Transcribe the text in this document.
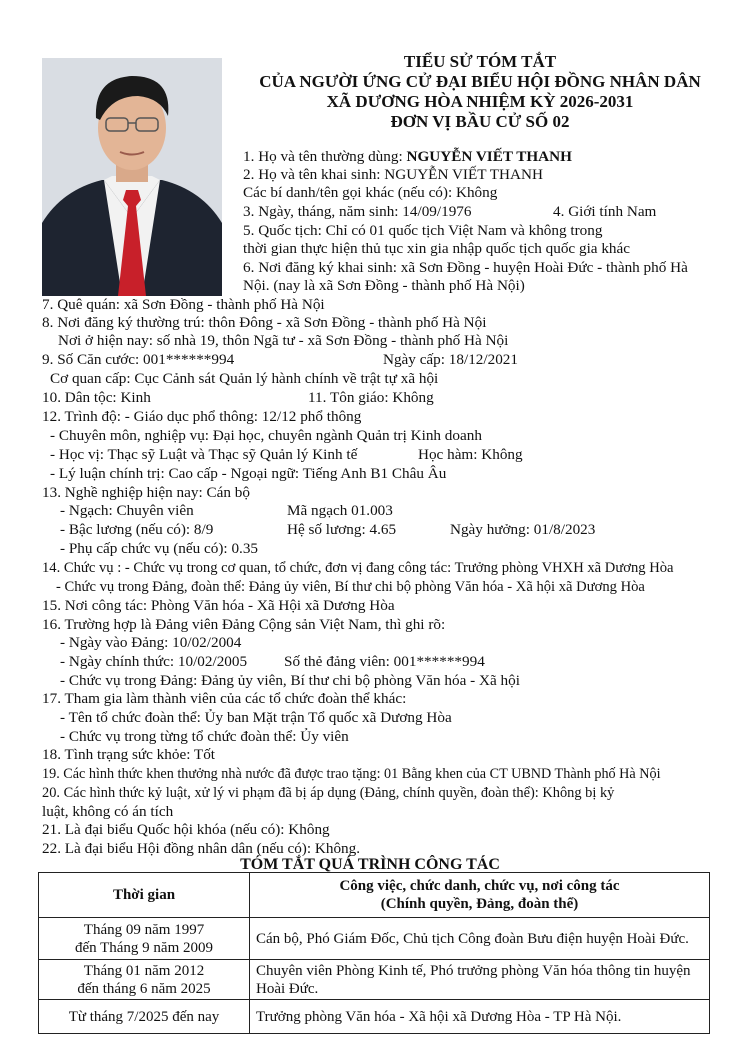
TIỂU SỬ TÓM TẮT
CỦA NGƯỜI ỨNG CỬ ĐẠI BIỂU HỘI ĐỒNG NHÂN DÂN
XÃ DƯƠNG HÒA NHIỆM KỲ 2026-2031
ĐƠN VỊ BẦU CỬ SỐ 02
1. Họ và tên thường dùng: NGUYỄN VIẾT THANH
2. Họ và tên khai sinh: NGUYỄN VIẾT THANH
Các bí danh/tên gọi khác (nếu có): Không
3. Ngày, tháng, năm sinh: 14/09/1976	4. Giới tính Nam
5. Quốc tịch: Chỉ có 01 quốc tịch Việt Nam và không trong
thời gian thực hiện thủ tục xin gia nhập quốc tịch quốc gia khác
6. Nơi đăng ký khai sinh: xã Sơn Đồng - huyện Hoài Đức - thành phố Hà
Nội. (nay là xã Sơn Đồng - thành phố Hà Nội)
7. Quê quán: xã Sơn Đồng - thành phố Hà Nội
8. Nơi đăng ký thường trú: thôn Đông - xã Sơn Đồng - thành phố Hà Nội
Nơi ở hiện nay: số nhà 19, thôn Ngã tư - xã Sơn Đồng - thành phố Hà Nội
9. Số Căn cước: 001******994	Ngày cấp: 18/12/2021
Cơ quan cấp: Cục Cảnh sát Quản lý hành chính về trật tự xã hội
10. Dân tộc: Kinh	11. Tôn giáo: Không
12. Trình độ: - Giáo dục phổ thông: 12/12 phổ thông
- Chuyên môn, nghiệp vụ: Đại học, chuyên ngành Quản trị Kinh doanh
- Học vị: Thạc sỹ Luật và Thạc sỹ Quản lý Kinh tế	Học hàm: Không
- Lý luận chính trị: Cao cấp - Ngoại ngữ: Tiếng Anh B1 Châu Âu
13. Nghề nghiệp hiện nay: Cán bộ
- Ngạch: Chuyên viên	Mã ngạch 01.003
- Bậc lương (nếu có): 8/9	Hệ số lương: 4.65	Ngày hưởng: 01/8/2023
- Phụ cấp chức vụ (nếu có): 0.35
14. Chức vụ : - Chức vụ trong cơ quan, tổ chức, đơn vị đang công tác: Trưởng phòng VHXH xã Dương Hòa
- Chức vụ trong Đảng, đoàn thể: Đảng ủy viên, Bí thư chi bộ phòng Văn hóa - Xã hội xã Dương Hòa
15. Nơi công tác: Phòng Văn hóa - Xã Hội xã Dương Hòa
16. Trường hợp là Đảng viên Đảng Cộng sản Việt Nam, thì ghi rõ:
- Ngày vào Đảng: 10/02/2004
- Ngày chính thức: 10/02/2005 Số thẻ đảng viên: 001******994
- Chức vụ trong Đảng: Đảng ủy viên, Bí thư chi bộ phòng Văn hóa - Xã hội
17. Tham gia làm thành viên của các tổ chức đoàn thể khác:
- Tên tổ chức đoàn thể: Ủy ban Mặt trận Tổ quốc xã Dương Hòa
- Chức vụ trong từng tổ chức đoàn thể: Ủy viên
18. Tình trạng sức khỏe: Tốt
19. Các hình thức khen thưởng nhà nước đã được trao tặng: 01 Bằng khen của CT UBND Thành phố Hà Nội
20. Các hình thức kỷ luật, xử lý vi phạm đã bị áp dụng (Đảng, chính quyền, đoàn thể): Không bị kỷ
luật, không có án tích
21. Là đại biểu Quốc hội khóa (nếu có): Không
22. Là đại biểu Hội đồng nhân dân (nếu có): Không.
TÓM TẮT QUÁ TRÌNH CÔNG TÁC
Thời gian	Công việc, chức danh, chức vụ, nơi công tác
(Chính quyền, Đảng, đoàn thể)

Tháng 09 năm 1997
đến Tháng 9 năm 2009	Cán bộ, Phó Giám Đốc, Chủ tịch Công đoàn Bưu điện huyện Hoài Đức.

Tháng 01 năm 2012
đến tháng 6 năm 2025	Chuyên viên Phòng Kinh tế, Phó trưởng phòng Văn hóa thông tin huyện Hoài Đức.

Từ tháng 7/2025 đến nay	Trưởng phòng Văn hóa - Xã hội xã Dương Hòa - TP Hà Nội.
